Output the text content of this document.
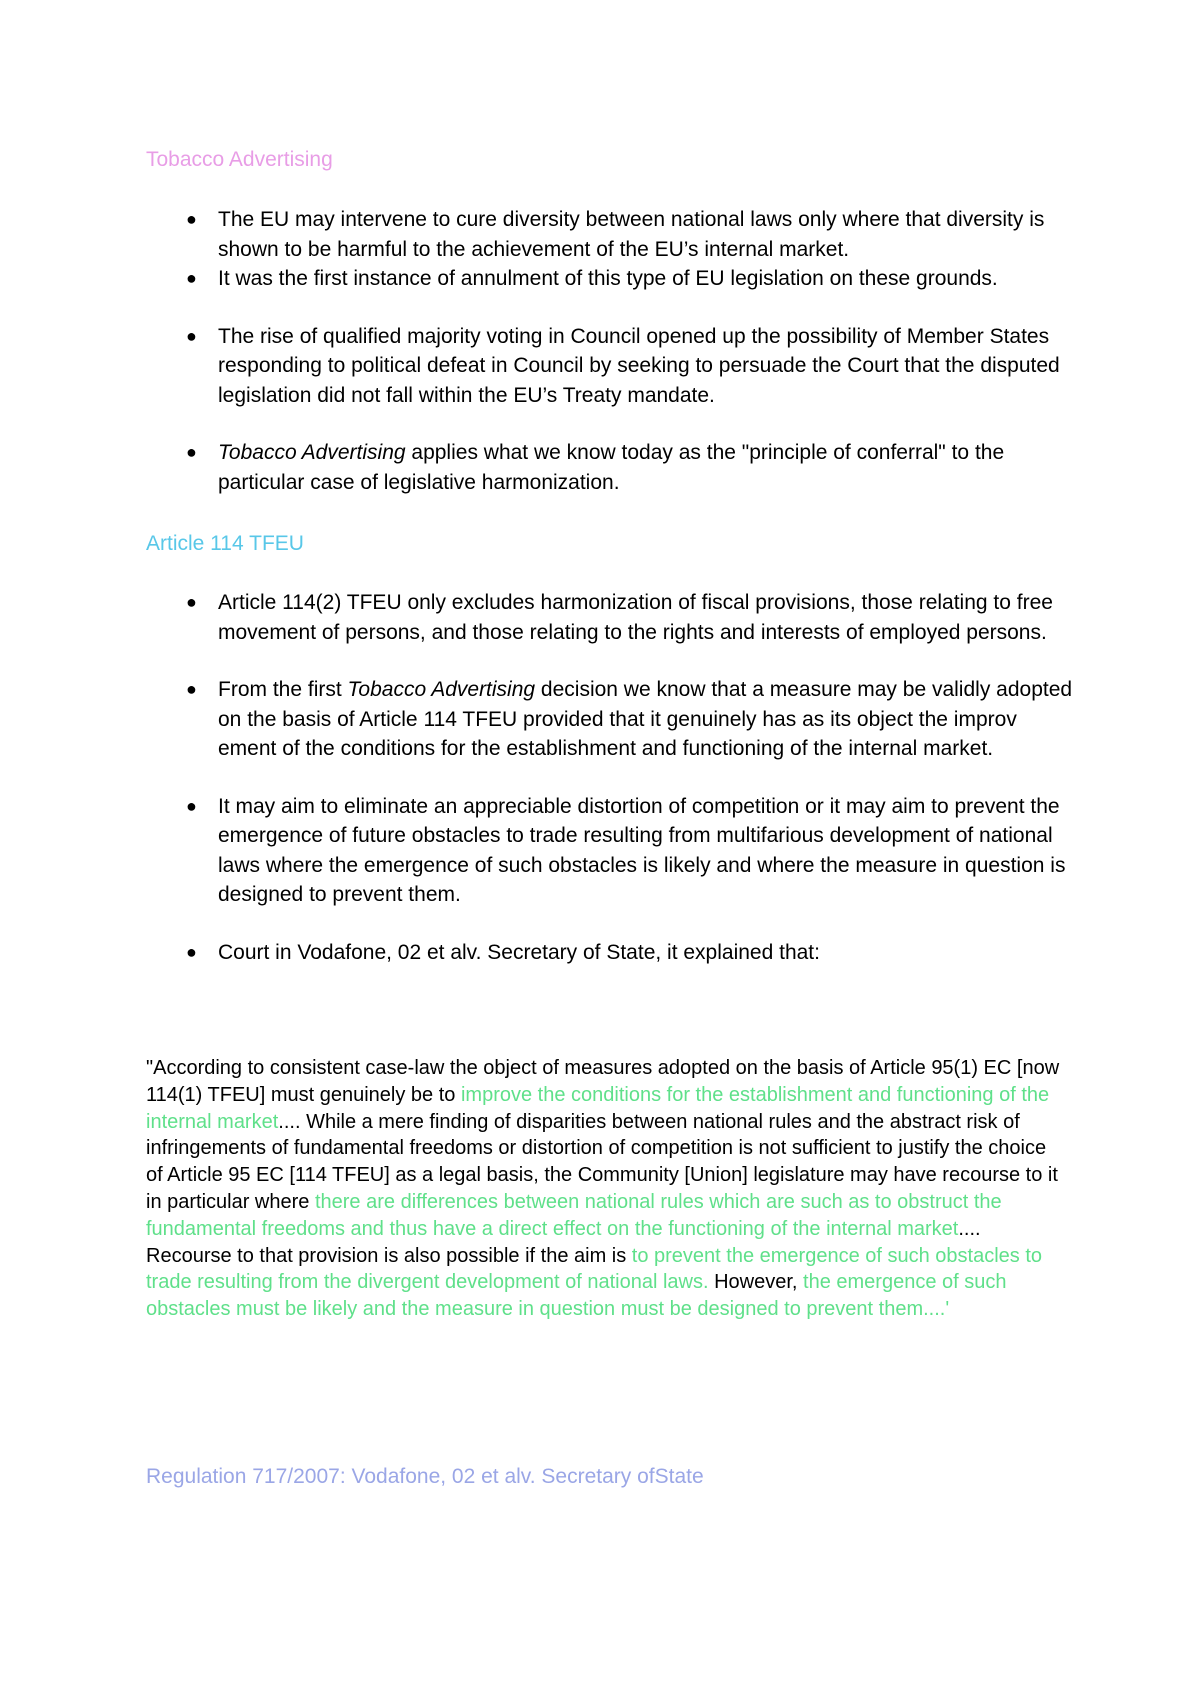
Tobacco Advertising
● The EU may intervene to cure diversity between national laws only where that diversity is shown to be harmful to the achievement of the EU’s internal market.
● It was the first instance of annulment of this type of EU legislation on these grounds.
● The rise of qualified majority voting in Council opened up the possibility of Member States responding to political defeat in Council by seeking to persuade the Court that the disputed legislation did not fall within the EU’s Treaty mandate.
● Tobacco Advertising applies what we know today as the "principle of conferral" to the particular case of legislative harmonization.
Article 114 TFEU
● Article 114(2) TFEU only excludes harmonization of fiscal provisions, those relating to free movement of persons, and those relating to the rights and interests of employed persons.
● From the first Tobacco Advertising decision we know that a measure may be validly adopted on the basis of Article 114 TFEU provided that it genuinely has as its object the improv ement of the conditions for the establishment and functioning of the internal market.
● It may aim to eliminate an appreciable distortion of competition or it may aim to prevent the emergence of future obstacles to trade resulting from multifarious development of national laws where the emergence of such obstacles is likely and where the measure in question is designed to prevent them.
● Court in Vodafone, 02 et alv. Secretary of State, it explained that:

"According to consistent case-law the object of measures adopted on the basis of Article 95(1) EC [now 114(1) TFEU] must genuinely be to improve the conditions for the establishment and functioning of the internal market.... While a mere finding of disparities between national rules and the abstract risk of infringements of fundamental freedoms or distortion of competition is not sufficient to justify the choice of Article 95 EC [114 TFEU] as a legal basis, the Community [Union] legislature may have recourse to it in particular where there are differences between national rules which are such as to obstruct the fundamental freedoms and thus have a direct effect on the functioning of the internal market.... Recourse to that provision is also possible if the aim is to prevent the emergence of such obstacles to trade resulting from the divergent development of national laws. However, the emergence of such obstacles must be likely and the measure in question must be designed to prevent them....'

Regulation 717/2007: Vodafone, 02 et alv. Secretary ofState
